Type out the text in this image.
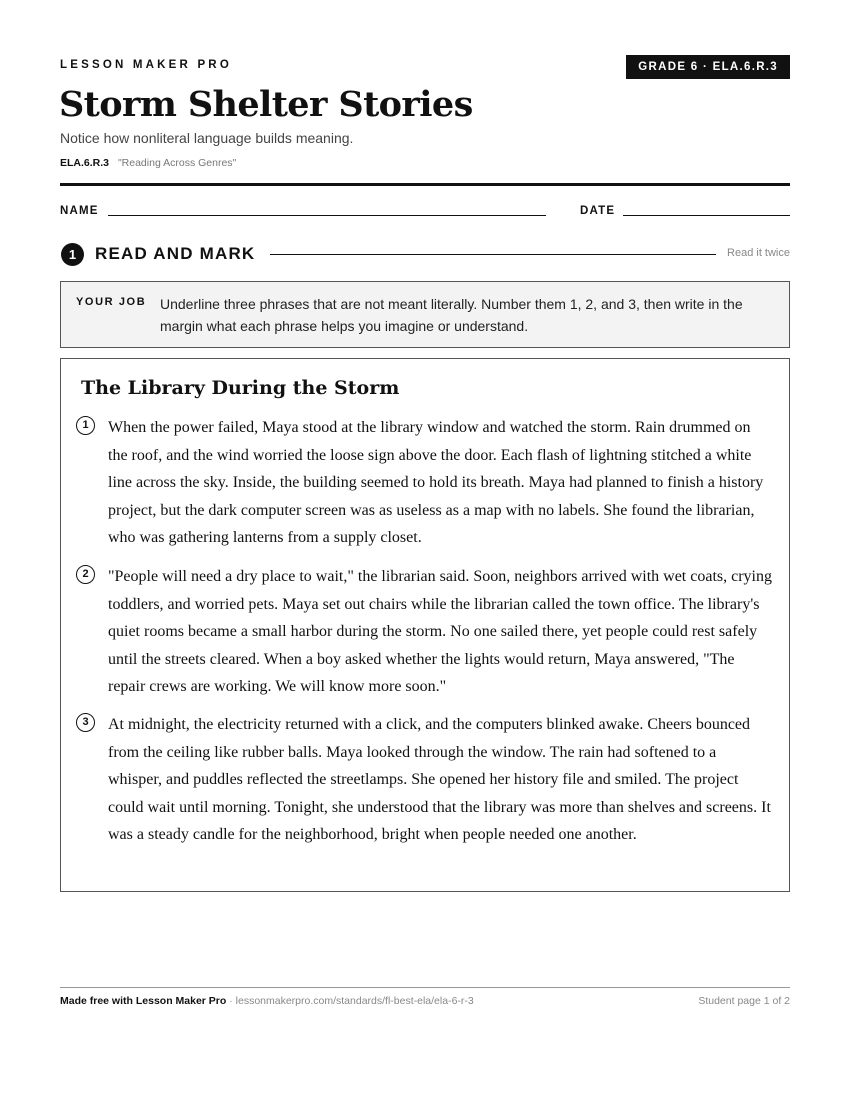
LESSON MAKER PRO	GRADE 6 · ELA.6.R.3
Storm Shelter Stories
Notice how nonliteral language builds meaning.
ELA.6.R.3 "Reading Across Genres"
NAME	DATE
1	READ AND MARK	Read it twice
YOUR JOB Underline three phrases that are not meant literally. Number them 1, 2, and 3, then write in the margin what each phrase helps you imagine or understand.
The Library During the Storm
1	When the power failed, Maya stood at the library window and watched the storm. Rain drummed on the roof, and the wind worried the loose sign above the door. Each flash of lightning stitched a white line across the sky. Inside, the building seemed to hold its breath. Maya had planned to finish a history project, but the dark computer screen was as useless as a map with no labels. She found the librarian, who was gathering lanterns from a supply closet.

2	"People will need a dry place to wait," the librarian said. Soon, neighbors arrived with wet coats, crying toddlers, and worried pets. Maya set out chairs while the librarian called the town office. The library's quiet rooms became a small harbor during the storm. No one sailed there, yet people could rest safely until the streets cleared. When a boy asked whether the lights would return, Maya answered, "The repair crews are working. We will know more soon."

3	At midnight, the electricity returned with a click, and the computers blinked awake. Cheers bounced from the ceiling like rubber balls. Maya looked through the window. The rain had softened to a whisper, and puddles reflected the streetlamps. She opened her history file and smiled. The project could wait until morning. Tonight, she understood that the library was more than shelves and screens. It was a steady candle for the neighborhood, bright when people needed one another.

Made free with Lesson Maker Pro · lessonmakerpro.com/standards/fl-best-ela/ela-6-r-3	Student page 1 of 2
